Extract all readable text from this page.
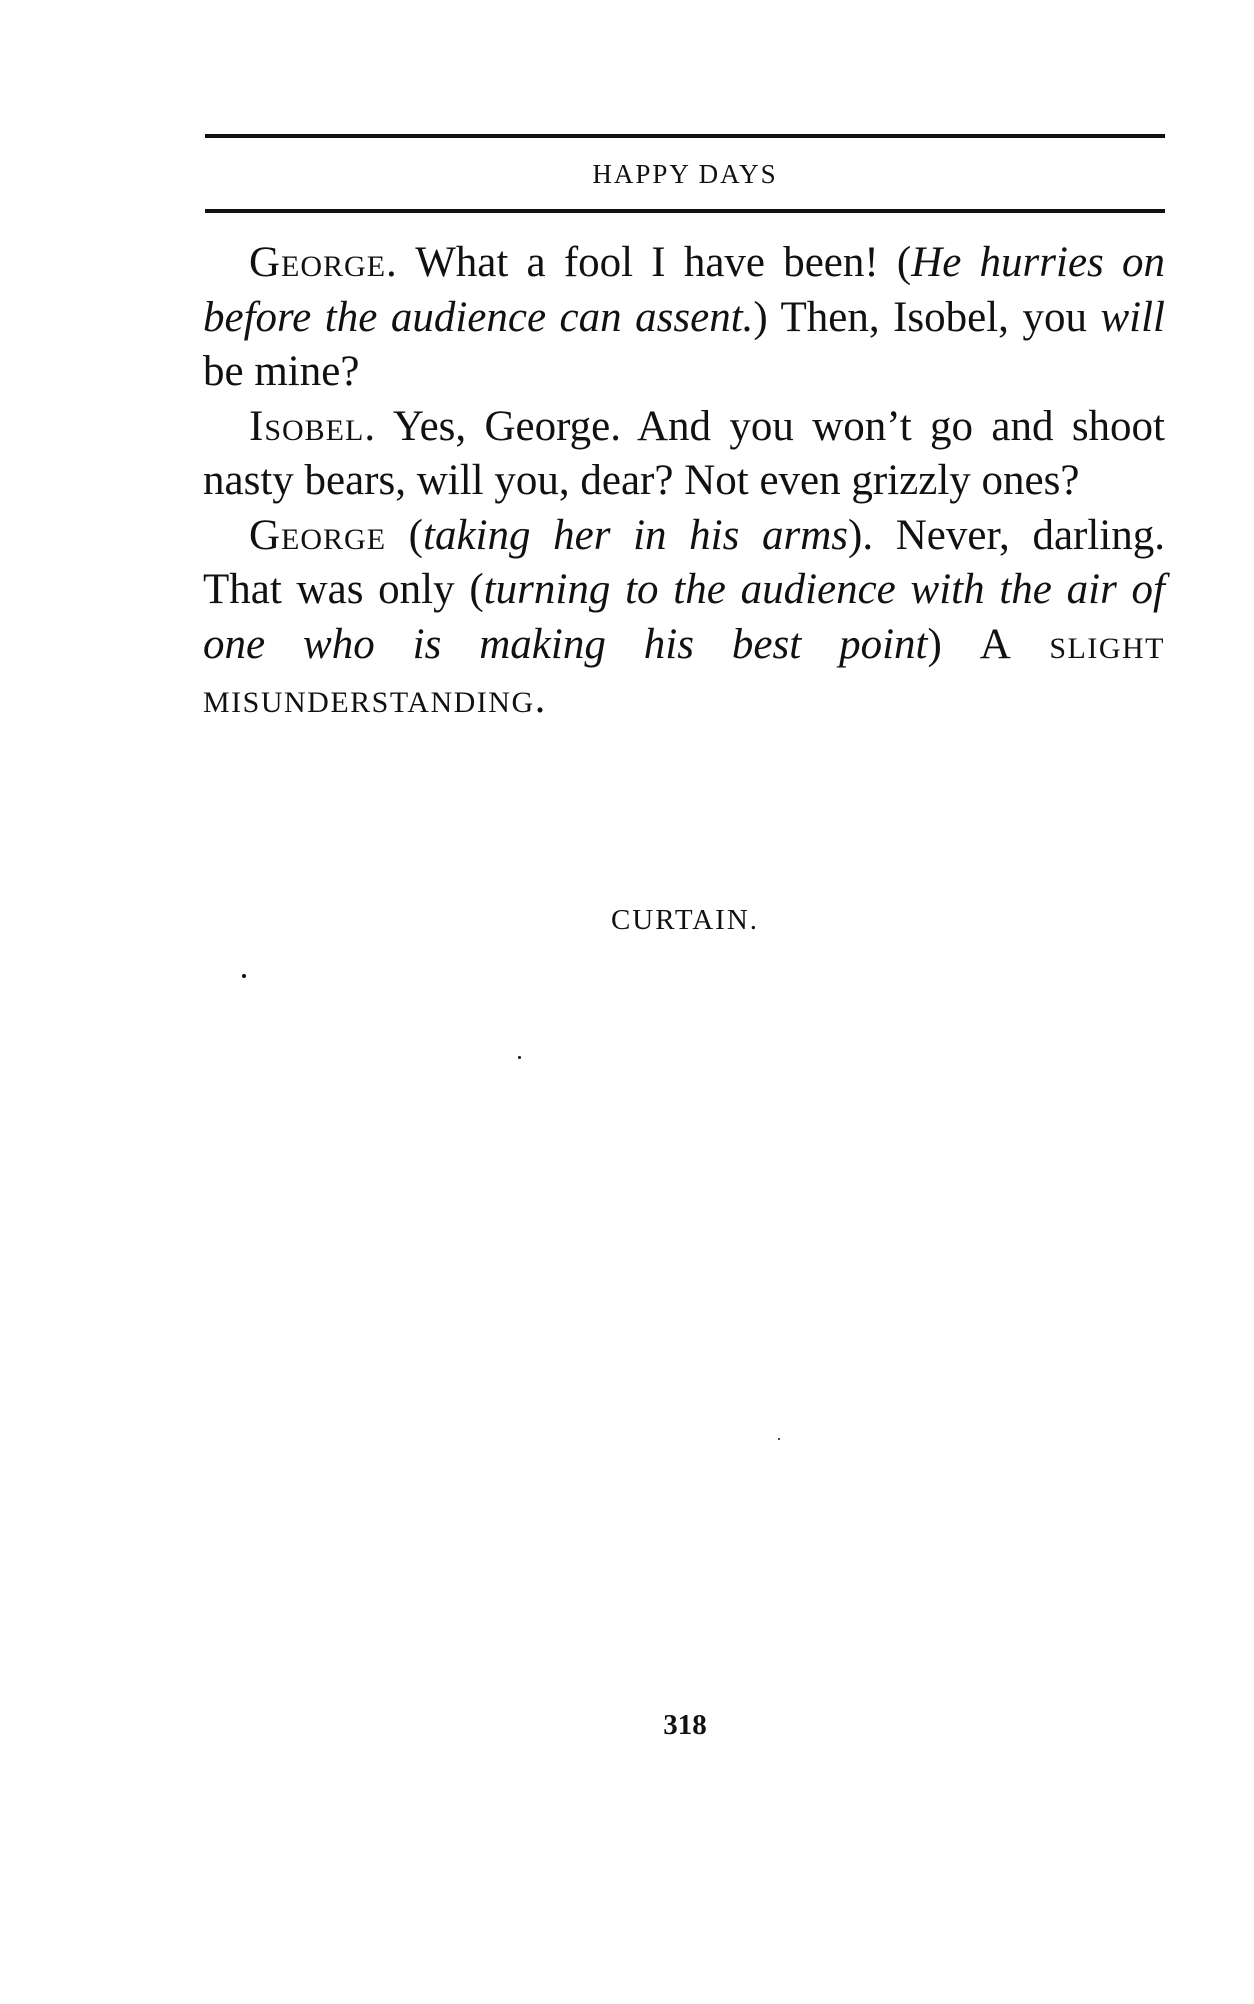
HAPPY DAYS

George. What a fool I have been! (He hurries on before the audience can assent.) Then, Isobel, you will be mine?

Isobel. Yes, George. And you won’t go and shoot nasty bears, will you, dear? Not even grizzly ones?

George (taking her in his arms). Never, darling. That was only (turning to the audience with the air of one who is making his best point) A slight misunderstanding.

CURTAIN.
318
